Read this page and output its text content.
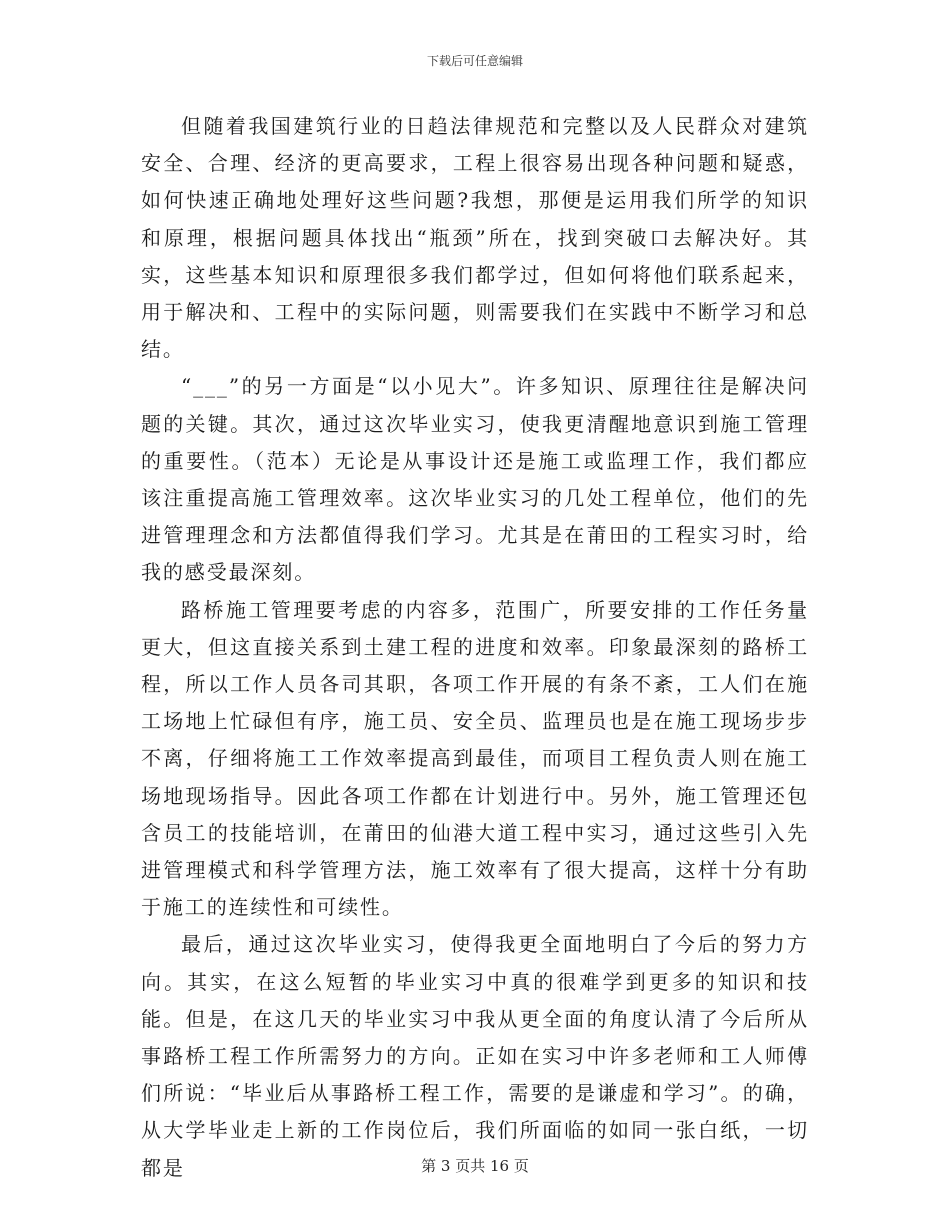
下载后可任意编辑

但随着我国建筑行业的日趋法律规范和完整以及人民群众对建筑安全、合理、经济的更高要求，工程上很容易出现各种问题和疑惑，如何快速正确地处理好这些问题?我想，那便是运用我们所学的知识和原理，根据问题具体找出“瓶颈”所在，找到突破口去解决好。其实，这些基本知识和原理很多我们都学过，但如何将他们联系起来，用于解决和、工程中的实际问题，则需要我们在实践中不断学习和总结。

“___”的另一方面是“以小见大”。许多知识、原理往往是解决问题的关键。其次，通过这次毕业实习，使我更清醒地意识到施工管理的重要性。（范本）无论是从事设计还是施工或监理工作，我们都应该注重提高施工管理效率。这次毕业实习的几处工程单位，他们的先进管理理念和方法都值得我们学习。尤其是在莆田的工程实习时，给我的感受最深刻。

路桥施工管理要考虑的内容多，范围广，所要安排的工作任务量更大，但这直接关系到土建工程的进度和效率。印象最深刻的路桥工程，所以工作人员各司其职，各项工作开展的有条不紊，工人们在施工场地上忙碌但有序，施工员、安全员、监理员也是在施工现场步步不离，仔细将施工工作效率提高到最佳，而项目工程负责人则在施工场地现场指导。因此各项工作都在计划进行中。另外，施工管理还包含员工的技能培训，在莆田的仙港大道工程中实习，通过这些引入先进管理模式和科学管理方法，施工效率有了很大提高，这样十分有助于施工的连续性和可续性。

最后，通过这次毕业实习，使得我更全面地明白了今后的努力方向。其实，在这么短暂的毕业实习中真的很难学到更多的知识和技能。但是，在这几天的毕业实习中我从更全面的角度认清了今后所从事路桥工程工作所需努力的方向。正如在实习中许多老师和工人师傅们所说：“毕业后从事路桥工程工作，需要的是谦虚和学习”。的确，从大学毕业走上新的工作岗位后，我们所面临的如同一张白纸，一切都是	第 3 页共 16 页
